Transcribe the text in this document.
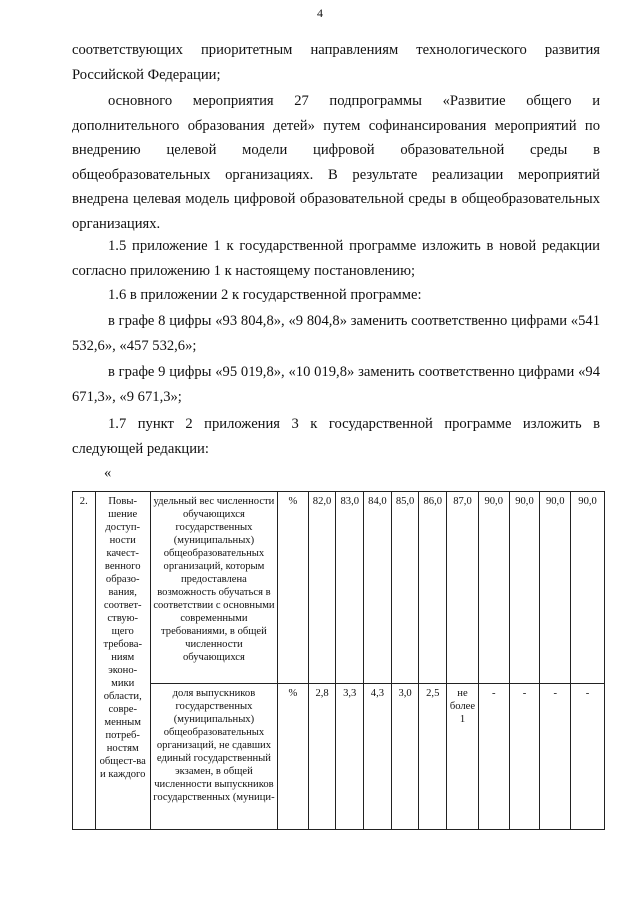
4

соответствующих приоритетным направлениям технологического развития Российской Федерации;

основного мероприятия 27 подпрограммы «Развитие общего и дополнительного образования детей» путем софинансирования мероприятий по внедрению целевой модели цифровой образовательной среды в общеобразовательных организациях. В результате реализации мероприятий внедрена целевая модель цифровой образовательной среды в общеобразовательных организациях.

1.5 приложение 1 к государственной программе изложить в новой редакции согласно приложению 1 к настоящему постановлению;

1.6 в приложении 2 к государственной программе:

в графе 8 цифры «93 804,8», «9 804,8» заменить соответственно цифрами «541 532,6», «457 532,6»;

в графе 9 цифры «95 019,8», «10 019,8» заменить соответственно цифрами «94 671,3», «9 671,3»;

1.7 пункт 2 приложения 3 к государственной программе изложить в следующей редакции:

«
2.	Повы-шение доступ-ности качест-венного образо-вания, соответ-ствую-щего требова-ниям эконо-мики области, совре-менным потреб-ностям общест-ва и каждого	удельный вес численности обучающихся государственных (муниципальных) общеобразовательных организаций, которым предоставлена возможность обучаться в соответствии с основными современными требованиями, в общей численности обучающихся	%	82,0	83,0	84,0	85,0	86,0	87,0	90,0	90,0	90,0	90,0
		доля выпускников государственных (муниципальных) общеобразовательных организаций, не сдавших единый государственный экзамен, в общей численности выпускников государственных (муници-	%	2,8	3,3	4,3	3,0	2,5	не более 1	-	-	-	-
